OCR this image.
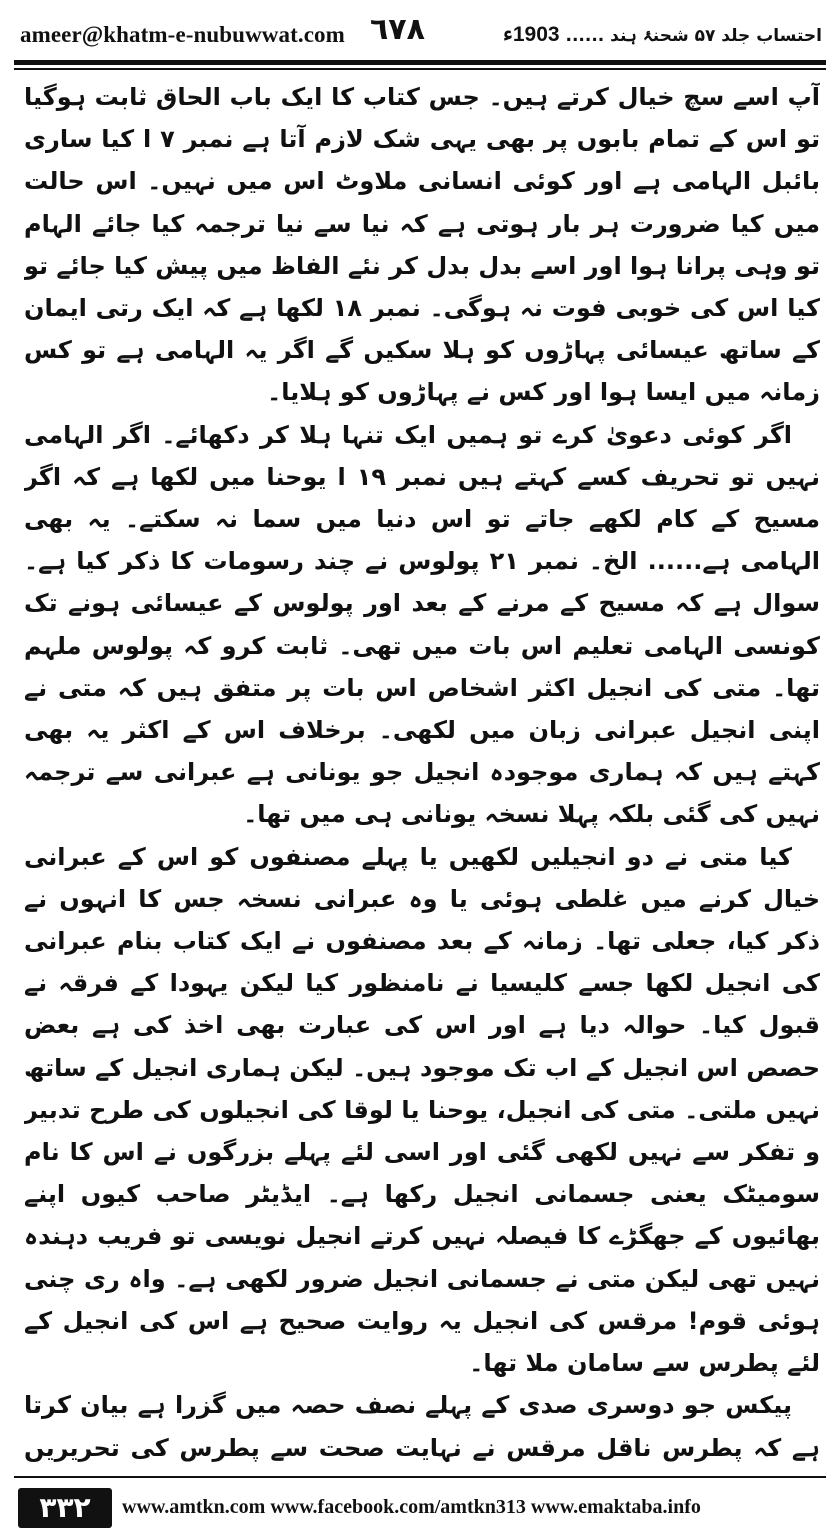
ameer@khatm-e-nubuwwat.com ٦٧٨	احتساب جلد ۵۷ شحنۂ ہند ...... 1903ء

آپ اسے سچ خیال کرتے ہیں۔ جس کتاب کا ایک باب الحاق ثابت ہوگیا تو اس کے تمام بابوں پر بھی یہی شک لازم آتا ہے نمبر ۷ ا کیا ساری بائبل الہامی ہے اور کوئی انسانی ملاوٹ اس میں نہیں۔ اس حالت میں کیا ضرورت ہر بار ہوتی ہے کہ نیا سے نیا ترجمہ کیا جائے الہام تو وہی پرانا ہوا اور اسے بدل بدل کر نئے الفاظ میں پیش کیا جائے تو کیا اس کی خوبی فوت نہ ہوگی۔ نمبر ۱۸ لکھا ہے کہ ایک رتی ایمان کے ساتھ عیسائی پہاڑوں کو ہلا سکیں گے اگر یہ الہامی ہے تو کس زمانہ میں ایسا ہوا اور کس نے پہاڑوں کو ہلایا۔

اگر کوئی دعویٰ کرے تو ہمیں ایک تنہا ہلا کر دکھائے۔ اگر الہامی نہیں تو تحریف کسے کہتے ہیں نمبر ۱۹ ا یوحنا میں لکھا ہے کہ اگر مسیح کے کام لکھے جاتے تو اس دنیا میں سما نہ سکتے۔ یہ بھی الہامی ہے...... الخ۔ نمبر ۲۱ پولوس نے چند رسومات کا ذکر کیا ہے۔ سوال ہے کہ مسیح کے مرنے کے بعد اور پولوس کے عیسائی ہونے تک کونسی الہامی تعلیم اس بات میں تھی۔ ثابت کرو کہ پولوس ملہم تھا۔ متی کی انجیل اکثر اشخاص اس بات پر متفق ہیں کہ متی نے اپنی انجیل عبرانی زبان میں لکھی۔ برخلاف اس کے اکثر یہ بھی کہتے ہیں کہ ہماری موجودہ انجیل جو یونانی ہے عبرانی سے ترجمہ نہیں کی گئی بلکہ پہلا نسخہ یونانی ہی میں تھا۔

کیا متی نے دو انجیلیں لکھیں یا پہلے مصنفوں کو اس کے عبرانی خیال کرنے میں غلطی ہوئی یا وہ عبرانی نسخہ جس کا انہوں نے ذکر کیا، جعلی تھا۔ زمانہ کے بعد مصنفوں نے ایک کتاب بنام عبرانی کی انجیل لکھا جسے کلیسیا نے نامنظور کیا لیکن یہودا کے فرقہ نے قبول کیا۔ حوالہ دیا ہے اور اس کی عبارت بھی اخذ کی ہے بعض حصص اس انجیل کے اب تک موجود ہیں۔ لیکن ہماری انجیل کے ساتھ نہیں ملتی۔ متی کی انجیل، یوحنا یا لوقا کی انجیلوں کی طرح تدبیر و تفکر سے نہیں لکھی گئی اور اسی لئے پہلے بزرگوں نے اس کا نام سومیٹک یعنی جسمانی انجیل رکھا ہے۔ ایڈیٹر صاحب کیوں اپنے بھائیوں کے جھگڑے کا فیصلہ نہیں کرتے انجیل نویسی تو فریب دہندہ نہیں تھی لیکن متی نے جسمانی انجیل ضرور لکھی ہے۔ واہ ری چنی ہوئی قوم! مرقس کی انجیل یہ روایت صحیح ہے اس کی انجیل کے لئے پطرس سے سامان ملا تھا۔

پیکس جو دوسری صدی کے پہلے نصف حصہ میں گزرا ہے بیان کرتا ہے کہ پطرس ناقل مرقس نے نہایت صحت سے پطرس کی تحریریں

۳۳۲	www.amtkn.com www.facebook.com/amtkn313 www.emaktaba.info
